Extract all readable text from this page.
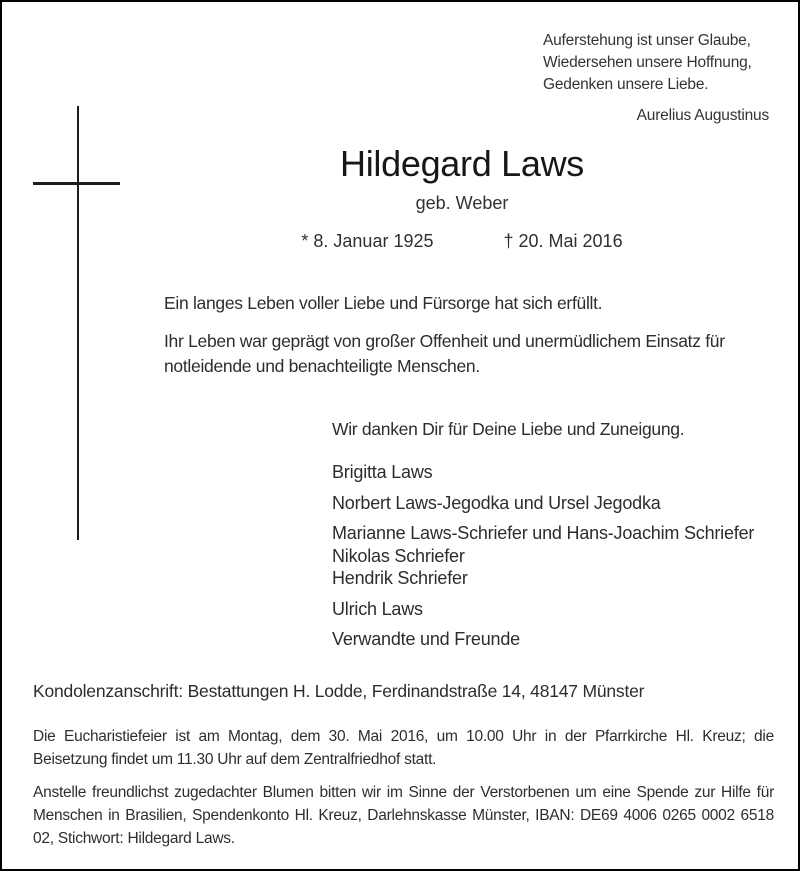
Auferstehung ist unser Glaube,
Wiedersehen unsere Hoffnung,
Gedenken unsere Liebe.
Aurelius Augustinus
Hildegard Laws
geb. Weber
* 8. Januar 1925	† 20. Mai 2016

Ein langes Leben voller Liebe und Fürsorge hat sich erfüllt.

Ihr Leben war geprägt von großer Offenheit und unermüdlichem Einsatz für notleidende und benachteiligte Menschen.

Wir danken Dir für Deine Liebe und Zuneigung.
Brigitta Laws
Norbert Laws-Jegodka und Ursel Jegodka
Marianne Laws-Schriefer und Hans-Joachim Schriefer
Nikolas Schriefer
Hendrik Schriefer
Ulrich Laws
Verwandte und Freunde
Kondolenzanschrift: Bestattungen H. Lodde, Ferdinandstraße 14, 48147 Münster

Die Eucharistiefeier ist am Montag, dem 30. Mai 2016, um 10.00 Uhr in der Pfarrkirche Hl. Kreuz; die Beisetzung findet um 11.30 Uhr auf dem Zentralfriedhof statt.

Anstelle freundlichst zugedachter Blumen bitten wir im Sinne der Verstorbenen um eine Spende zur Hilfe für Menschen in Brasilien, Spendenkonto Hl. Kreuz, Darlehnskasse Münster, IBAN: DE69 4006 0265 0002 6518 02, Stichwort: Hildegard Laws.
